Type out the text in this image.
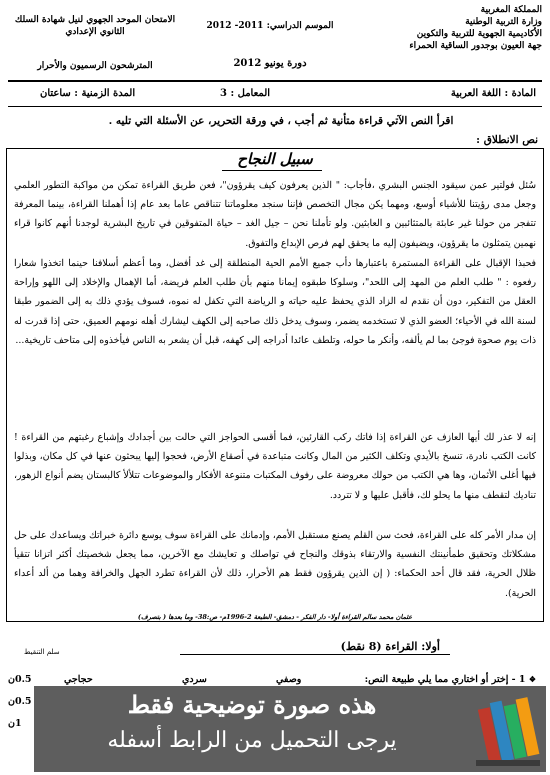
المملكة المغربية
وزارة التربية الوطنية
الأكاديمية الجهوية للتربية والتكوين
جهة العيون بوجدور الساقية الحمراء
الموسم الدراسي: 2011- 2012
دورة يونيو 2012
الامتحان الموحد الجهوي لنيل شهادة السلك
الثانوي الإعدادي
المترشحون الرسميون والأحرار
المادة : اللغة العربية
المعامل : 3
المدة الزمنية : ساعتان
اقرأ النص الآتي قراءة متأنية ثم أجب ، في ورقة التحرير، عن الأسئلة التي تليه .
نص الانطلاق :
سبيل النجاح

سُئل فولتير عمن سيقود الجنس البشري ،فأجاب: " الذين يعرفون كيف يقرؤون"، فعن طريق القراءة تمكن من مواكبة التطور العلمي وجعل مدى رؤيتنا للأشياء أوسع، ومهما يكن مجال التخصص فإننا سنجد معلوماتنا تتناقص عاما بعد عام إذا أهملنا القراءة، بينما المعرفة تتفجر من حولنا غير عابئة بالمتثائبين و العابثين. ولو تأملنا نحن – جيل الغد – حياة المتفوقين في تاريخ البشرية لوجدنا أنهم كانوا قراء نهمين يتمثلون ما يقرؤون، ويضيفون إليه ما يحقق لهم فرص الإبداع والتفوق.

فحبذا الإقبال على القراءة المستمرة باعتبارها دأب جميع الأمم الحية المنطلقة إلى غد أفضل، وما أعظم أسلافنا حينما اتخذوا شعارا رفعوه : " طلب العلم من المهد إلى اللحد"، وسلوكا طبقوه إيمانا منهم بأن طلب العلم فريضة، أما الإهمال والإخلاد إلى اللهو وإراحة العقل من التفكير، دون أن نقدم له الزاد الذي يحفظ عليه حياته و الرياضة التي تكفل له نموه، فسوف يؤدي ذلك به إلى الضمور طبقا لسنة الله في الأحياء؛ العضو الذي لا تستخدمه يضمر، وسوف يدخل ذلك صاحبه إلى الكهف ليشارك أهله نومهم العميق، حتى إذا قدرت له ذات يوم صحوة فوجئ بما لم يألفه، وأنكر ما حوله، وتلطف عائدا أدراجه إلى كهفه، قبل أن يشعر به الناس فيأخذوه إلى متاحف تاريخية...

إنه لا عذر لك أيها العازف عن القراءة إذا فاتك ركب القارئين، فما أقسى الحواجز التي حالت بين أجدادك وإشباع رغبتهم من القراءة ! كانت الكتب نادرة، تنسخ بالأيدي وتكلف الكثير من المال وكانت متباعدة في أصقاع الأرض، فحجوا إليها يبحثون عنها في كل مكان، وبذلوا فيها أغلى الأثمان، وها هي الكتب من حولك معروضة على رفوف المكتبات متنوعة الأفكار والموضوعات تتلألأ كالبستان يضم أنواع الزهور، تناديك لتقطف منها ما يحلو لك، فأقبل عليها و لا تتردد.

إن مدار الأمر كله على القراءة، فحث سن القلم يصنع مستقبل الأمم، وإدمانك على القراءة سوف يوسع دائرة خبراتك ويساعدك على حل مشكلاتك وتحقيق طمأنينتك النفسية والارتقاء بذوقك والنجاح في تواصلك و تعايشك مع الآخرين، مما يجعل شخصيتك أكثر اتزانا تتقيأ ظلال الحرية، فقد قال أحد الحكماء: ( إن الذين يقرؤون فقط هم الأحرار، ذلك لأن القراءة تطرد الجهل والخرافة وهما من ألد أعداء الحرية).

عثمان محمد سالم القراءة أولا- دار الفكر - دمشق- الطبعة 2-1996م- ص:38- وما بعدها ( بتصرف)
أولا: القراءة (8 نقط)
سلم التنقيط
❖ 1 - إختر أو اختاري مما يلي طبيعة النص:
وصفي
سردي
حجاجي
0.5ن
0.5ن
1ن
هذه صورة توضيحية فقط
يرجى التحميل من الرابط أسفله
